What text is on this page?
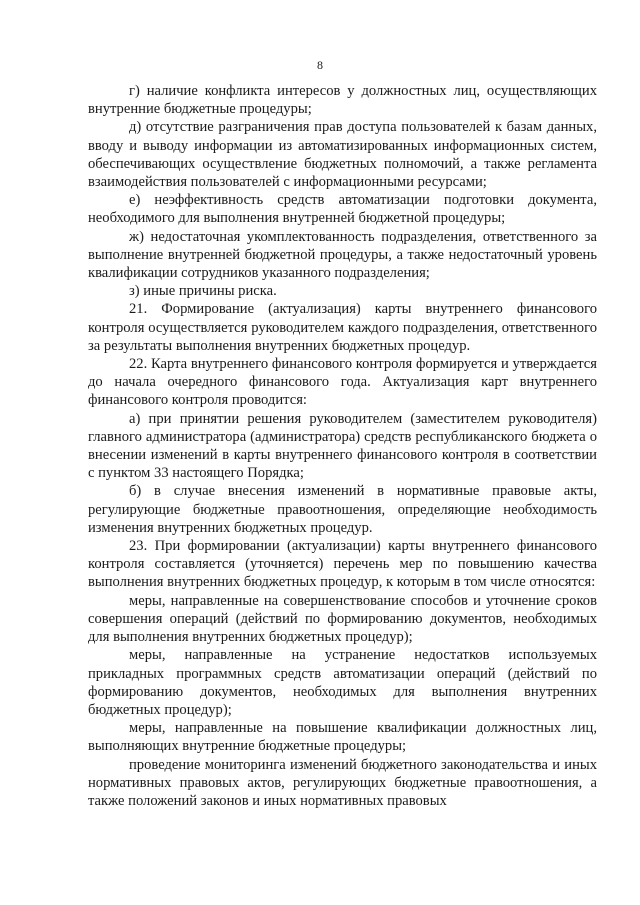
8

г) наличие конфликта интересов у должностных лиц, осуществляющих внутренние бюджетные процедуры;

д) отсутствие разграничения прав доступа пользователей к базам данных, вводу и выводу информации из автоматизированных информационных систем, обеспечивающих осуществление бюджетных полномочий, а также регламента взаимодействия пользователей с информационными ресурсами;

е) неэффективность средств автоматизации подготовки документа, необходимого для выполнения внутренней бюджетной процедуры;

ж) недостаточная укомплектованность подразделения, ответственного за выполнение внутренней бюджетной процедуры, а также недостаточный уровень квалификации сотрудников указанного подразделения;

з) иные причины риска.

21. Формирование (актуализация) карты внутреннего финансового контроля осуществляется руководителем каждого подразделения, ответственного за результаты выполнения внутренних бюджетных процедур.

22. Карта внутреннего финансового контроля формируется и утверждается до начала очередного финансового года. Актуализация карт внутреннего финансового контроля проводится:

а) при принятии решения руководителем (заместителем руководителя) главного администратора (администратора) средств республиканского бюджета о внесении изменений в карты внутреннего финансового контроля в соответствии с пунктом 33 настоящего Порядка;

б) в случае внесения изменений в нормативные правовые акты, регулирующие бюджетные правоотношения, определяющие необходимость изменения внутренних бюджетных процедур.

23. При формировании (актуализации) карты внутреннего финансового контроля составляется (уточняется) перечень мер по повышению качества выполнения внутренних бюджетных процедур, к которым в том числе относятся:

меры, направленные на совершенствование способов и уточнение сроков совершения операций (действий по формированию документов, необходимых для выполнения внутренних бюджетных процедур);

меры, направленные на устранение недостатков используемых прикладных программных средств автоматизации операций (действий по формированию документов, необходимых для выполнения внутренних бюджетных процедур);

меры, направленные на повышение квалификации должностных лиц, выполняющих внутренние бюджетные процедуры;

проведение мониторинга изменений бюджетного законодательства и иных нормативных правовых актов, регулирующих бюджетные правоотношения, а также положений законов и иных нормативных правовых
